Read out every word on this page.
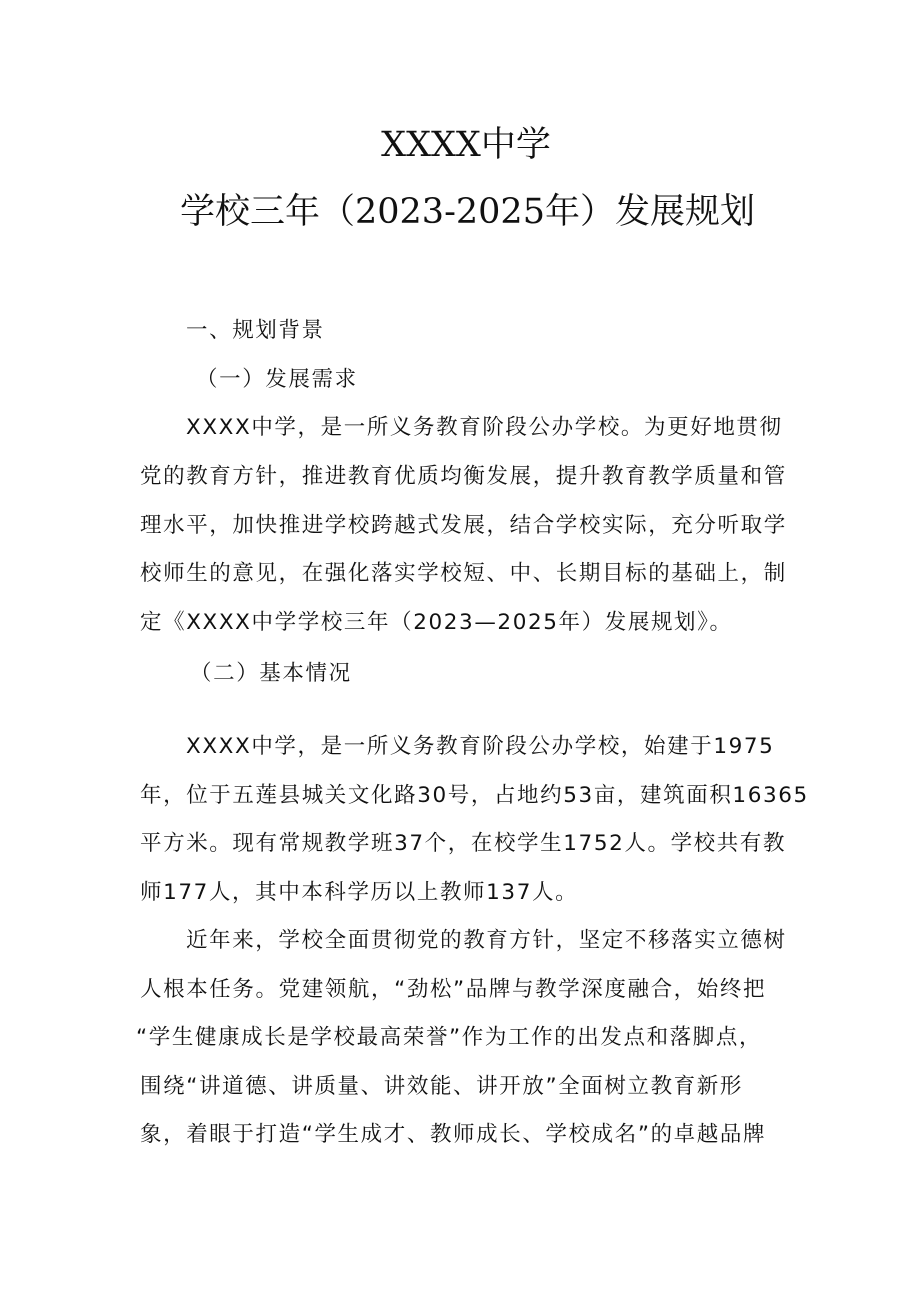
XXXX中学
学校三年（2023-2025年）发展规划
一、规划背景
（一）发展需求
XXXX中学，是一所义务教育阶段公办学校。为更好地贯彻
党的教育方针，推进教育优质均衡发展，提升教育教学质量和管
理水平，加快推进学校跨越式发展，结合学校实际，充分听取学
校师生的意见，在强化落实学校短、中、长期目标的基础上，制
定《XXXX中学学校三年（2023—2025年）发展规划》。
（二）基本情况
XXXX中学，是一所义务教育阶段公办学校，始建于1975
年，位于五莲县城关文化路30号，占地约53亩，建筑面积16365
平方米。现有常规教学班37个，在校学生1752人。学校共有教
师177人，其中本科学历以上教师137人。
近年来，学校全面贯彻党的教育方针，坚定不移落实立德树
人根本任务。党建领航，“劲松”品牌与教学深度融合，始终把
“学生健康成长是学校最高荣誉”作为工作的出发点和落脚点，
围绕“讲道德、讲质量、讲效能、讲开放”全面树立教育新形
象，着眼于打造“学生成才、教师成长、学校成名”的卓越品牌
